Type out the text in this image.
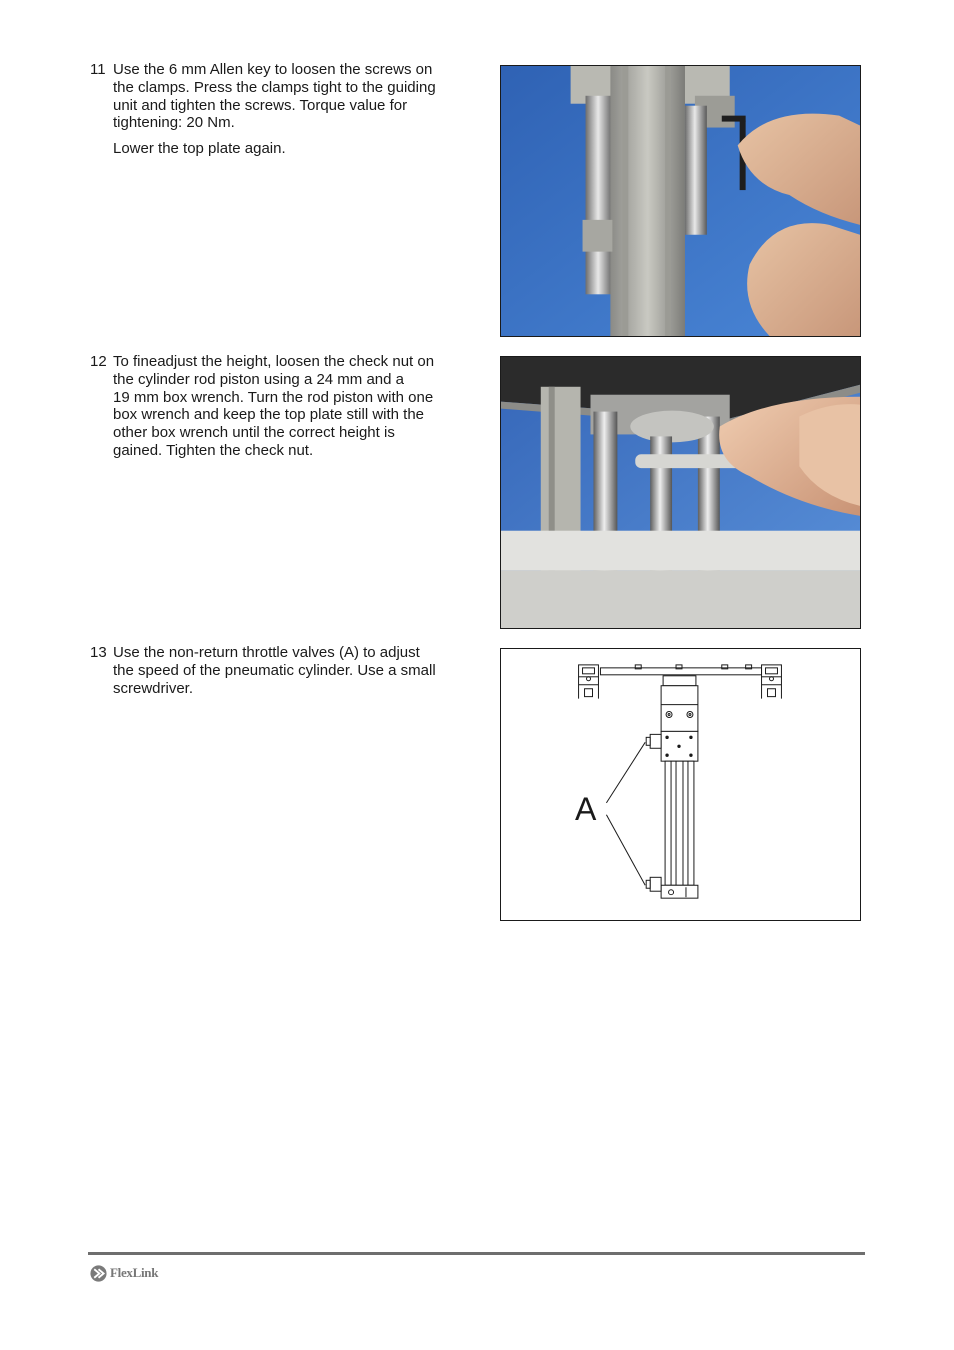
11 Use the 6 mm Allen key to loosen the screws on

the clamps. Press the clamps tight to the guiding

unit and tighten the screws. Torque value for

tightening: 20 Nm.

Lower the top plate again.

12 To fineadjust the height, loosen the check nut on

the cylinder rod piston using a 24 mm and a

19 mm box wrench. Turn the rod piston with one

box wrench and keep the top plate still with the

other box wrench until the correct height is

gained. Tighten the check nut.

13 Use the non-return throttle valves (A) to adjust

the speed of the pneumatic cylinder. Use a small

screwdriver.

A
FlexLink
